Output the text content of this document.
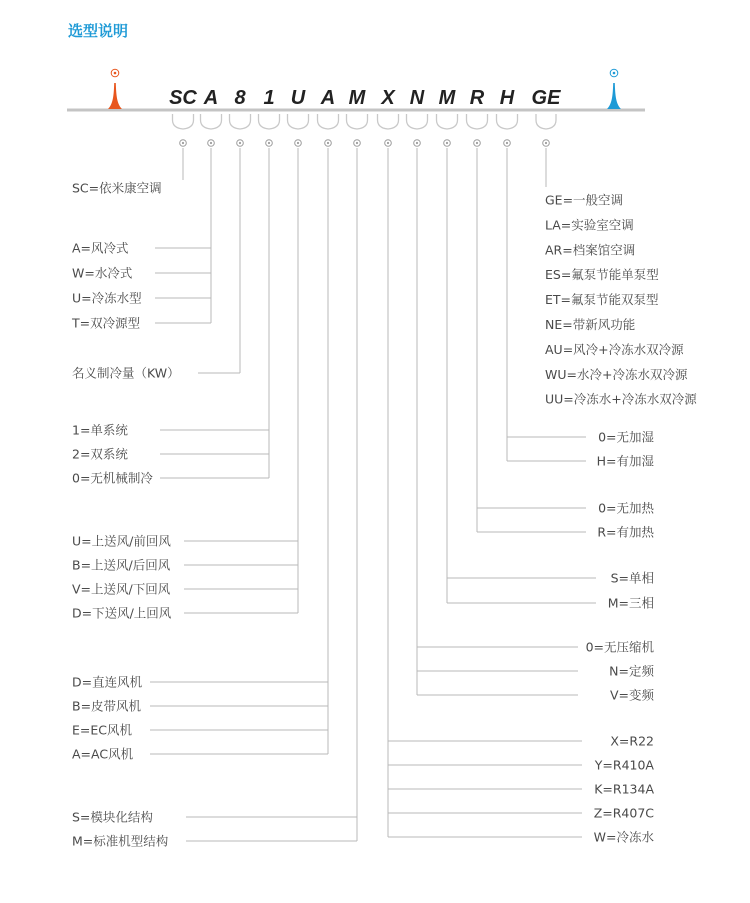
选型说明
SC A 8 1 U A M X N M R H GE
SC=依米康空调
A=风冷式
W=水冷式
U=冷冻水型
T=双冷源型
名义制冷量（KW）
1=单系统
2=双系统
0=无机械制冷
U=上送风/前回风
B=上送风/后回风
V=上送风/下回风
D=下送风/上回风
D=直连风机
B=皮带风机
E=EC风机
A=AC风机
S=模块化结构
M=标准机型结构
X=R22
Y=R410A
K=R134A
Z=R407C
W=冷冻水
0=无压缩机
N=定频
V=变频
S=单相
M=三相
0=无加热
R=有加热
0=无加湿
H=有加湿
GE=一般空调
LA=实验室空调
AR=档案馆空调
ES=氟泵节能单泵型
ET=氟泵节能双泵型
NE=带新风功能
AU=风冷+冷冻水双冷源
WU=水冷+冷冻水双冷源
UU=冷冻水+冷冻水双冷源
